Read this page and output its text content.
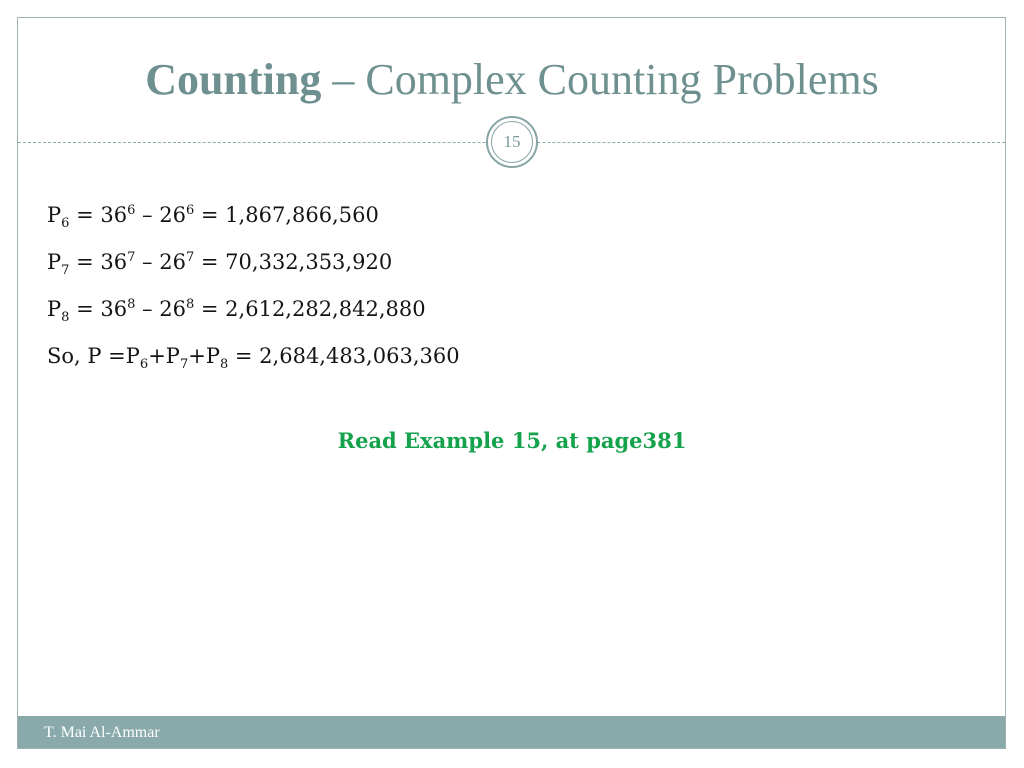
Counting – Complex Counting Problems
15
$P_6 = 36^6 - 26^6 = 1,867,866,560$
$P_7 = 36^7 - 26^7 = 70,332,353,920$
$P_8 = 36^8 - 26^8 = 2,612,282,842,880$
So, $P =P_6+P_7+P_8 = 2,684,483,063,360$
Read Example 15, at page381
T. Mai Al-Ammar
